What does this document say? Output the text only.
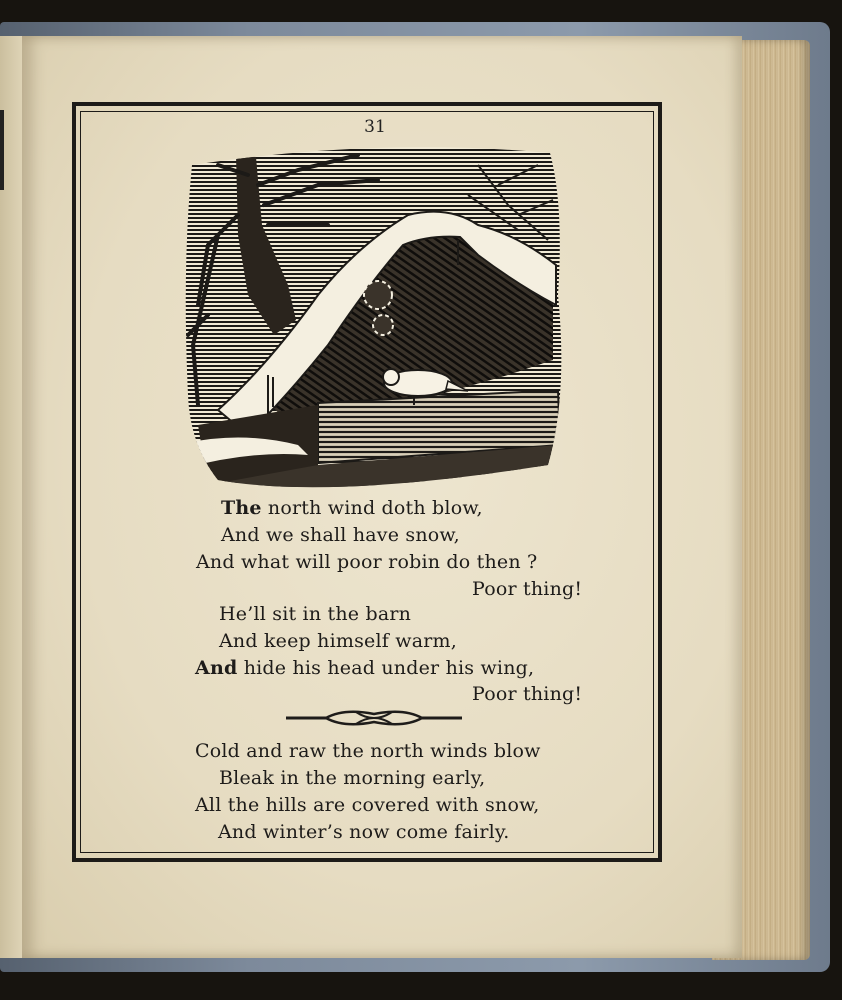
31
The north wind doth blow,
And we shall have snow,
And what will poor robin do then ?
Poor thing!
He’ll sit in the barn
And keep himself warm,
And hide his head under his wing,
Poor thing!
Cold and raw the north winds blow
Bleak in the morning early,
All the hills are covered with snow,
And winter’s now come fairly.
